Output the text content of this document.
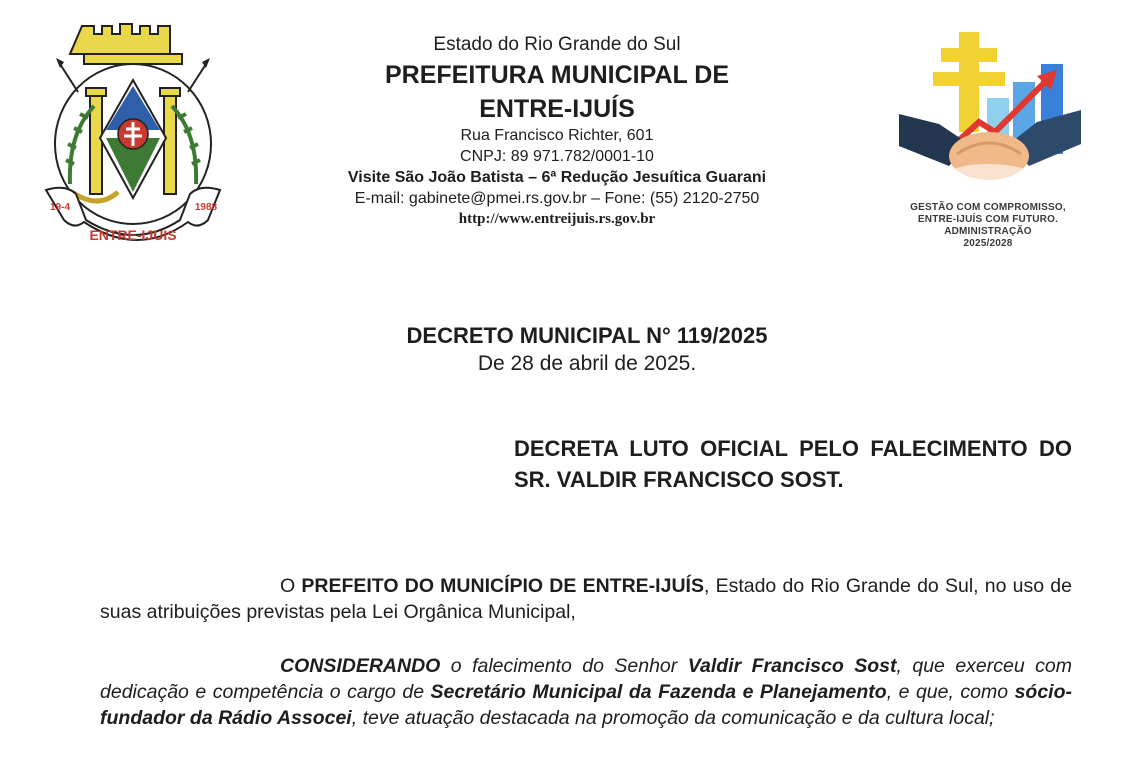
ENTRE-IJUIS
19-4	1988
Estado do Rio Grande do Sul
PREFEITURA MUNICIPAL DE
ENTRE-IJUÍS
Rua Francisco Richter, 601
CNPJ: 89 971.782/0001-10
Visite São João Batista – 6ª Redução Jesuítica Guarani
E-mail: gabinete@pmei.rs.gov.br – Fone: (55) 2120-2750
http://www.entreijuis.rs.gov.br
GESTÃO COM COMPROMISSO,
ENTRE-IJUÍS COM FUTURO.
ADMINISTRAÇÃO
2025/2028
DECRETO MUNICIPAL N° 119/2025
De 28 de abril de 2025.
DECRETA LUTO OFICIAL PELO FALECIMENTO DO SR. VALDIR FRANCISCO SOST.
O PREFEITO DO MUNICÍPIO DE ENTRE-IJUÍS, Estado do Rio Grande do Sul, no uso de suas atribuições previstas pela Lei Orgânica Municipal,
CONSIDERANDO o falecimento do Senhor Valdir Francisco Sost, que exerceu com dedicação e competência o cargo de Secretário Municipal da Fazenda e Planejamento, e que, como sócio-fundador da Rádio Assocei, teve atuação destacada na promoção da comunicação e da cultura local;
